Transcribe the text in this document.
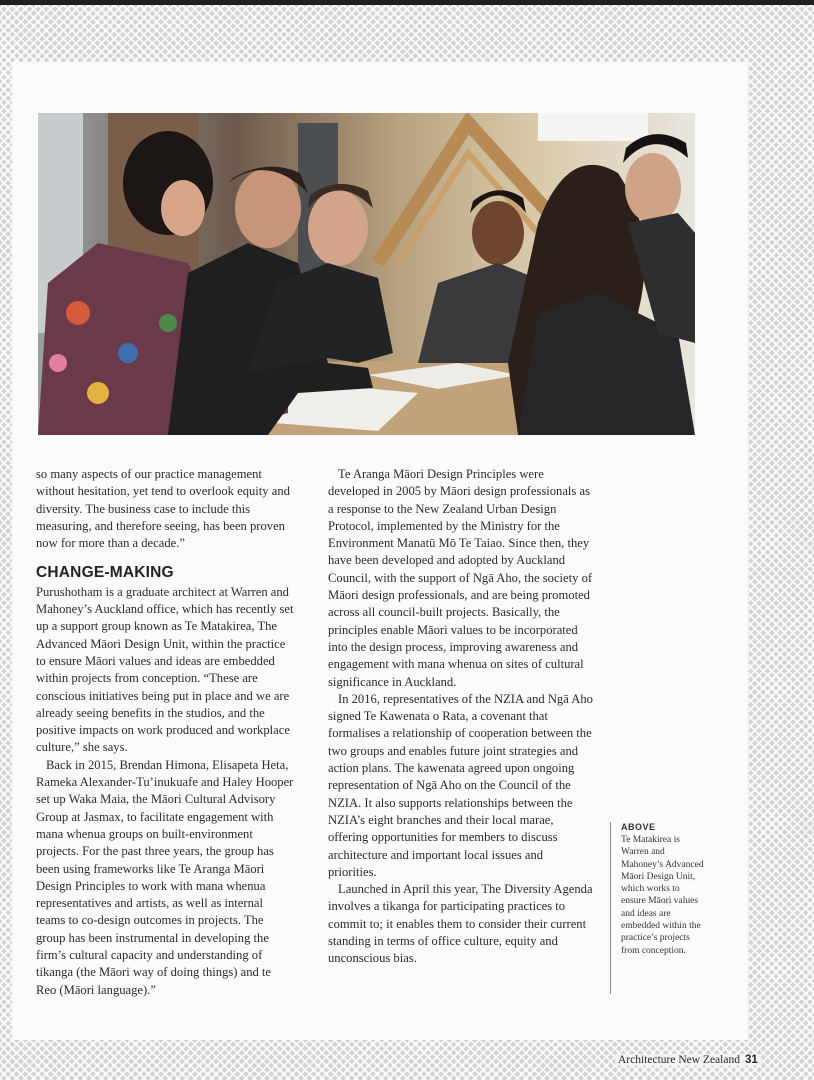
so many aspects of our practice management without hesitation, yet tend to overlook equity and diversity. The business case to include this measuring, and therefore seeing, has been proven now for more than a decade.”

CHANGE-MAKING

Purushotham is a graduate architect at Warren and Mahoney’s Auckland office, which has recently set up a support group known as Te Matakirea, The Advanced Māori Design Unit, within the practice to ensure Māori values and ideas are embedded within projects from conception. “These are conscious initiatives being put in place and we are already seeing benefits in the studios, and the positive impacts on work produced and workplace culture,” she says.

Back in 2015, Brendan Himona, Elisapeta Heta, Rameka Alexander-Tu’inukuafe and Haley Hooper set up Waka Maia, the Māori Cultural Advisory Group at Jasmax, to facilitate engagement with mana whenua groups on built-environment projects. For the past three years, the group has been using frameworks like Te Aranga Māori Design Principles to work with mana whenua representatives and artists, as well as internal teams to co-design outcomes in projects. The group has been instrumental in developing the firm’s cultural capacity and understanding of tikanga (the Māori way of doing things) and te Reo (Māori language).”

Te Aranga Māori Design Principles were developed in 2005 by Māori design professionals as a response to the New Zealand Urban Design Protocol, implemented by the Ministry for the Environment Manatū Mō Te Taiao. Since then, they have been developed and adopted by Auckland Council, with the support of Ngā Aho, the society of Māori design professionals, and are being promoted across all council-built projects. Basically, the principles enable Māori values to be incorporated into the design process, improving awareness and engagement with mana whenua on sites of cultural significance in Auckland.

In 2016, representatives of the NZIA and Ngā Aho signed Te Kawenata o Rata, a covenant that formalises a relationship of cooperation between the two groups and enables future joint strategies and action plans. The kawenata agreed upon ongoing representation of Ngā Aho on the Council of the NZIA. It also supports relationships between the NZIA’s eight branches and their local marae, offering opportunities for members to discuss architecture and important local issues and priorities.

Launched in April this year, The Diversity Agenda involves a tikanga for participating practices to commit to; it enables them to consider their current standing in terms of office culture, equity and unconscious bias.

ABOVE
Te Matakirea is Warren and Mahoney’s Advanced Māori Design Unit, which works to ensure Māori values and ideas are embedded within the practice’s projects from conception.
Architecture New Zealand 31
